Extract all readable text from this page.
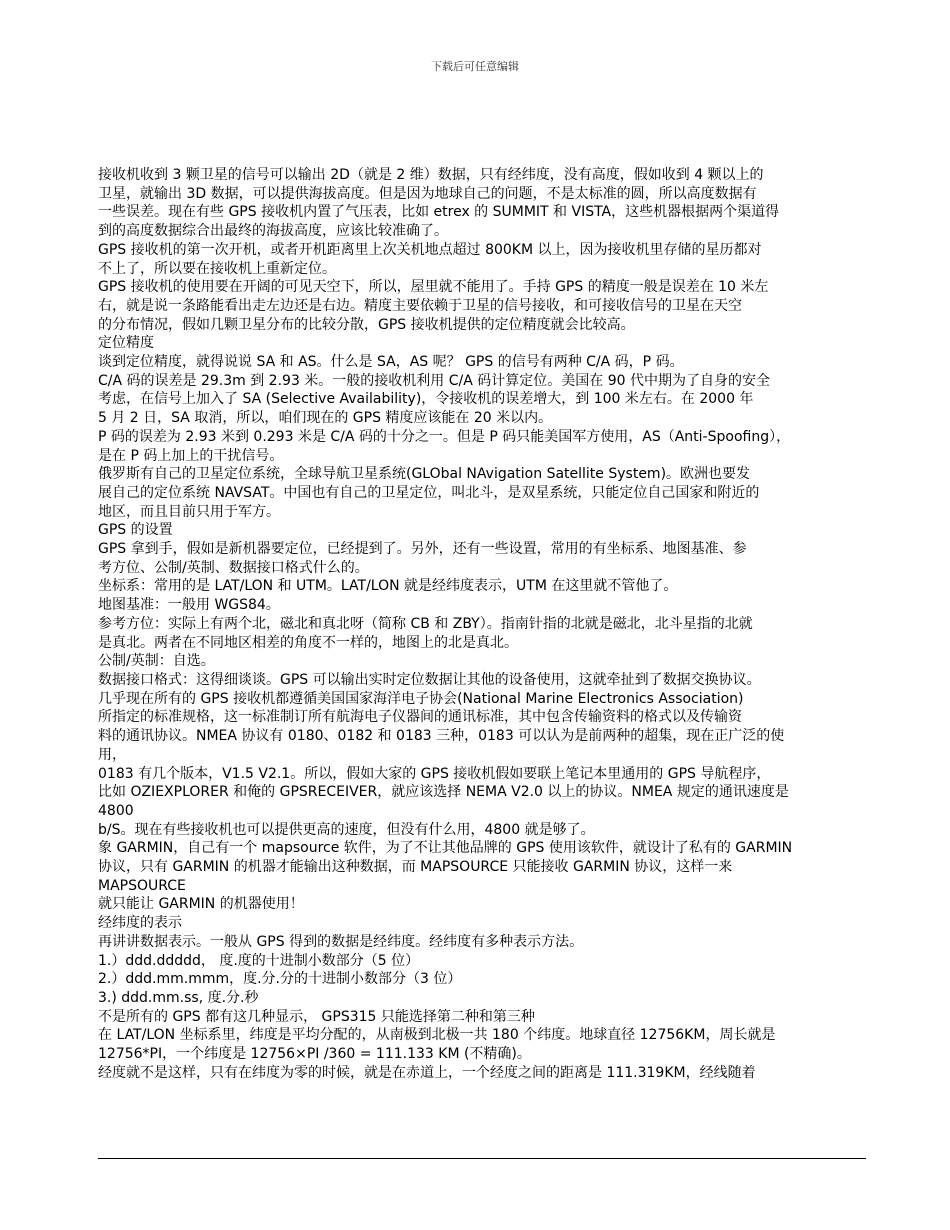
下载后可任意编辑
接收机收到 3 颗卫星的信号可以输出 2D（就是 2 维）数据，只有经纬度，没有高度，假如收到 4 颗以上的
卫星，就输出 3D 数据，可以提供海拔高度。但是因为地球自己的问题，不是太标准的圆，所以高度数据有
一些误差。现在有些 GPS 接收机内置了气压表，比如 etrex 的 SUMMIT 和 VISTA，这些机器根据两个渠道得
到的高度数据综合出最终的海拔高度，应该比较准确了。
GPS 接收机的第一次开机，或者开机距离里上次关机地点超过 800KM 以上，因为接收机里存储的星历都对
不上了，所以要在接收机上重新定位。
GPS 接收机的使用要在开阔的可见天空下，所以，屋里就不能用了。手持 GPS 的精度一般是误差在 10 米左
右，就是说一条路能看出走左边还是右边。精度主要依赖于卫星的信号接收，和可接收信号的卫星在天空
的分布情况，假如几颗卫星分布的比较分散，GPS 接收机提供的定位精度就会比较高。
定位精度
谈到定位精度，就得说说 SA 和 AS。什么是 SA，AS 呢？ GPS 的信号有两种 C/A 码，P 码。
C/A 码的误差是 29.3m 到 2.93 米。一般的接收机利用 C/A 码计算定位。美国在 90 代中期为了自身的安全
考虑，在信号上加入了 SA (Selective Availability)，令接收机的误差增大，到 100 米左右。在 2000 年
5 月 2 日，SA 取消，所以，咱们现在的 GPS 精度应该能在 20 米以内。
P 码的误差为 2.93 米到 0.293 米是 C/A 码的十分之一。但是 P 码只能美国军方使用，AS（Anti-Spoofing），
是在 P 码上加上的干扰信号。
俄罗斯有自己的卫星定位系统，全球导航卫星系统(GLObal NAvigation Satellite System)。欧洲也要发
展自己的定位系统 NAVSAT。中国也有自己的卫星定位，叫北斗，是双星系统，只能定位自己国家和附近的
地区，而且目前只用于军方。
GPS 的设置
GPS 拿到手，假如是新机器要定位，已经提到了。另外，还有一些设置，常用的有坐标系、地图基准、参
考方位、公制/英制、数据接口格式什么的。
坐标系：常用的是 LAT/LON 和 UTM。LAT/LON 就是经纬度表示，UTM 在这里就不管他了。
地图基准：一般用 WGS84。
参考方位：实际上有两个北，磁北和真北呀（简称 CB 和 ZBY）。指南针指的北就是磁北，北斗星指的北就
是真北。两者在不同地区相差的角度不一样的，地图上的北是真北。
公制/英制：自选。
数据接口格式：这得细谈谈。GPS 可以输出实时定位数据让其他的设备使用，这就牵扯到了数据交换协议。
几乎现在所有的 GPS 接收机都遵循美国国家海洋电子协会(National Marine Electronics Association)
所指定的标准规格，这一标准制订所有航海电子仪器间的通讯标准，其中包含传输资料的格式以及传输资
料的通讯协议。NMEA 协议有 0180、0182 和 0183 三种，0183 可以认为是前两种的超集，现在正广泛的使
用，
0183 有几个版本，V1.5 V2.1。所以，假如大家的 GPS 接收机假如要联上笔记本里通用的 GPS 导航程序，
比如 OZIEXPLORER 和俺的 GPSRECEIVER，就应该选择 NEMA V2.0 以上的协议。NMEA 规定的通讯速度是
4800
b/S。现在有些接收机也可以提供更高的速度，但没有什么用，4800 就是够了。
象 GARMIN，自己有一个 mapsource 软件，为了不让其他品牌的 GPS 使用该软件，就设计了私有的 GARMIN
协议，只有 GARMIN 的机器才能输出这种数据，而 MAPSOURCE 只能接收 GARMIN 协议，这样一来
MAPSOURCE
就只能让 GARMIN 的机器使用！
经纬度的表示
再讲讲数据表示。一般从 GPS 得到的数据是经纬度。经纬度有多种表示方法。
1.）ddd.ddddd， 度.度的十进制小数部分（5 位）
2.）ddd.mm.mmm，度.分.分的十进制小数部分（3 位）
3.) ddd.mm.ss, 度.分.秒
不是所有的 GPS 都有这几种显示， GPS315 只能选择第二种和第三种
在 LAT/LON 坐标系里，纬度是平均分配的，从南极到北极一共 180 个纬度。地球直径 12756KM，周长就是
12756*PI，一个纬度是 12756×PI /360 = 111.133 KM (不精确)。
经度就不是这样，只有在纬度为零的时候，就是在赤道上，一个经度之间的距离是 111.319KM，经线随着
